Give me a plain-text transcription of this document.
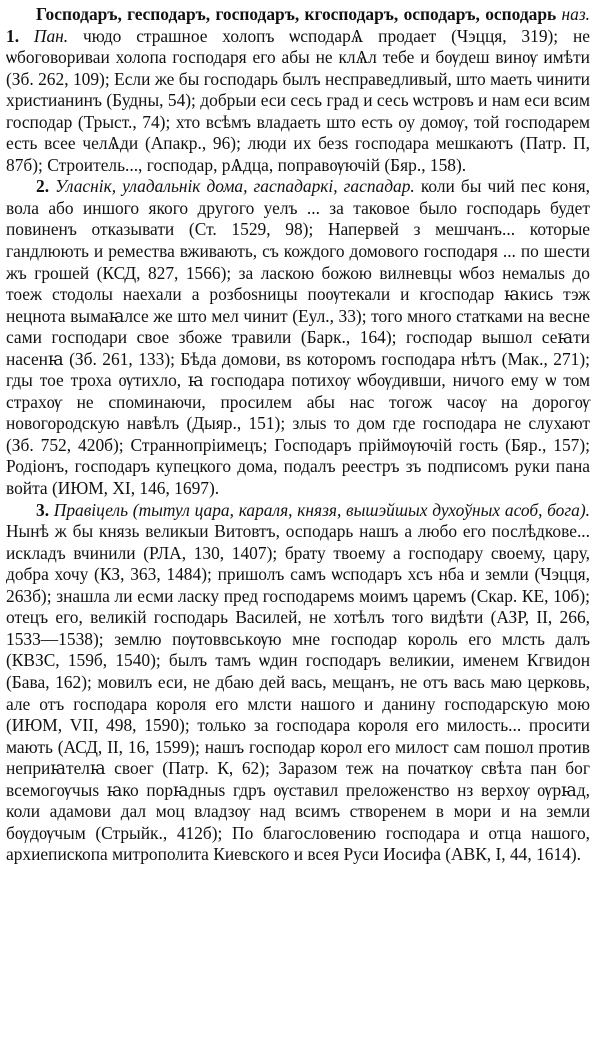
Господаръ, геcподаръ, господаръ, кгосподаръ, осподаръ, осподарь наз. 1. Пан. чюдо страшное холопъ ѡсподарѦ продает (Чэцця, 319); не ѡбоговориваи холопа господаря его абы не клѦл тебе и бѹдеш винѹ имѣти (Зб. 262, 109); Если же бы господарь былъ несправедливый, што маеть чинити христианинъ (Будны, 54); добрыи еси сесь град и сесь ѡстровъ и нам еси всим господар (Трыст., 74); хто всѣмъ владаеть што есть оу домѹ, той господарем есть всее челѦди (Апакр., 96); люди их безѕ господара мешкаютъ (Патр. П, 87б); Строитель..., господар, рѦдца, поправѹючій (Бяр., 158).

2. Уласнік, уладальнік дома, гаспадаркі, гаспадар. коли бы чий пес коня, вола або иншого якого другого уелъ ... за таковое было господарь будет повиненъ отказывати (Ст. 1529, 98); Напервей з мешчанъ... которые гандлюють и ремества вживають, съ кождого домового господаря ... по шести жъ грошей (КСД, 827, 1566); за ласкою божою вилневцы ѡбоз немалыѕ до тоеж стодолы наехали а розбоѕницы поѹтекали и кгосподар ꙗкись тэж нецнота вымаꙗлсе же што мел чинит (Еул., 33); того много статками на весне сами господари свое збоже травили (Барк., 164); господар вышол сеꙗти насенꙗ (Зб. 261, 133); Бѣда домови, вѕ которомъ господара нѣтъ (Мак., 271); гды тое троха ѹтихло, ꙗ господара потихѹ ѡбѹдивши, ничого ему ѡ том страхѹ не споминаючи, просилем абы нас тогож часѹ на дорогѹ новогородскую навѣлъ (Дыяр., 151); злыѕ то дом где господара не слухают (Зб. 752, 420б); Страннопріимецъ; Господаръ пріймѹючій гость (Бяр., 157); Родіонъ, господаръ купецкого дома, подалъ реестръ зъ подписомъ руки пана войта (ИЮМ, XI, 146, 1697).

3. Правіцель (тытул цара, караля, князя, вышэйшых духоўных асоб, бога). Нынѣ ж бы князь великыи Витовтъ, осподарь нашъ а любо его послѣдкове... искладъ вчинили (РЛА, 130, 1407); брату твоему а господару своему, цару, добра хочу (КЗ, 363, 1484); пришолъ самъ ѡсподаръ хсъ нба и земли (Чэцця, 263б); знашла ли есми ласку пред господаремѕ моимъ царемъ (Скар. КЕ, 10б); отецъ его, великій господарь Василей, не хотѣлъ того видѣти (АЗР, II, 266, 1533—1538); землю пѹтоввськѹю мне господар король его млсть далъ (КВЗС, 159б, 1540); былъ тамъ ѡдин господаръ великии, именем Кгвидон (Бава, 162); мовилъ еси, не дбаю дей вась, мещанъ, не отъ вась маю церковь, але отъ господара короля его млсти нашого и данину господарскую мою (ИЮМ, VII, 498, 1590); только за господара короля его милость... просити мають (АСД, II, 16, 1599); нашъ господар корол его милост сам пошол против неприꙗтелꙗ своег (Патр. К, 62); Заразом теж на початкѹ свѣта пан бог всемогѹчыѕ ꙗко порꙗдныѕ гдръ ѹставил преложенство нз верхѹ ѹрꙗд, коли адамови дал моц владзѹ над всимъ створенем в мори и на земли бѹдѹчым (Стрыйк., 412б); По благословению господара и отца нашого, архиепископа митрополита Киевского и всея Руси Иосифа (АВК, I, 44, 1614).
